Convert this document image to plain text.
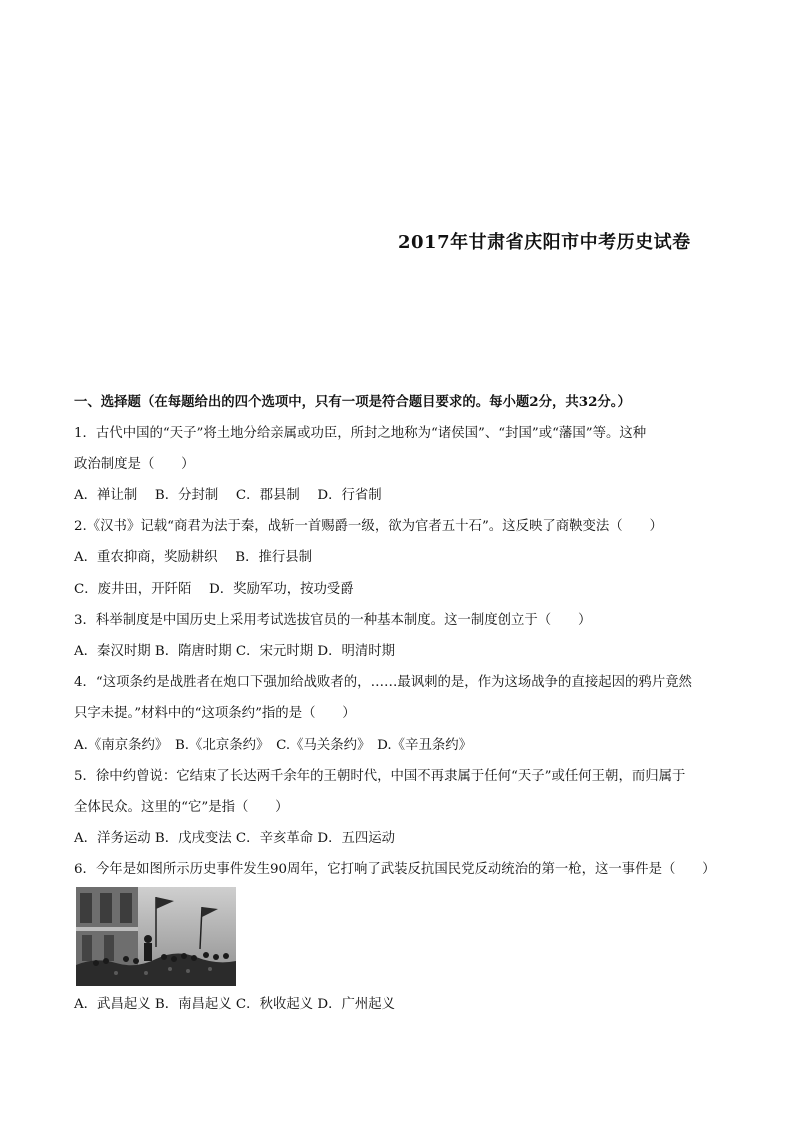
2017年甘肃省庆阳市中考历史试卷
一、选择题（在每题给出的四个选项中，只有一项是符合题目要求的。每小题2分，共32分。）
1．古代中国的“天子”将土地分给亲属或功臣，所封之地称为“诸侯国”、“封国”或“藩国”等。这种
政治制度是（　　）
A．禅让制　 B．分封制　 C．郡县制　 D．行省制
2.《汉书》记载“商君为法于秦，战斩一首赐爵一级，欲为官者五十石”。这反映了商鞅变法（　　）
A．重农抑商，奖励耕织　 B．推行县制
C．废井田，开阡陌　 D．奖励军功，按功受爵
3．科举制度是中国历史上采用考试选拔官员的一种基本制度。这一制度创立于（　　）
A．秦汉时期 B．隋唐时期 C．宋元时期 D．明清时期
4．“这项条约是战胜者在炮口下强加给战败者的，……最讽刺的是，作为这场战争的直接起因的鸦片竟然
只字未提。”材料中的“这项条约”指的是（　　）
A.《南京条约》　B.《北京条约》　C.《马关条约》　D.《辛丑条约》
5．徐中约曾说：它结束了长达两千余年的王朝时代，中国不再隶属于任何“天子”或任何王朝，而归属于
全体民众。这里的“它”是指（　　）
A．洋务运动 B．戊戌变法 C．辛亥革命 D．五四运动
6．今年是如图所示历史事件发生90周年，它打响了武装反抗国民党反动统治的第一枪，这一事件是（　　）
A．武昌起义 B．南昌起义 C．秋收起义 D．广州起义
